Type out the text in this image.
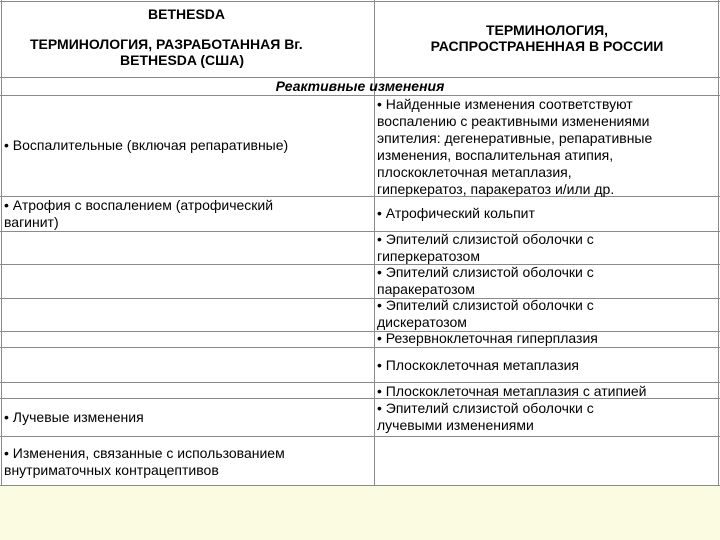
BETHESDA
ТЕРМИНОЛОГИЯ, РАЗРАБОТАННАЯ Вг.
BETHESDA (США)
ТЕРМИНОЛОГИЯ,
РАСПРОСТРАНЕННАЯ В РОССИИ
Реактивные изменения
• Воспалительные (включая репаративные)
• Найденные изменения соответствуют
воспалению с реактивными изменениями
эпителия: дегенеративные, репаративные
изменения, воспалительная атипия,
плоскоклеточная метаплазия,
гиперкератоз, паракератоз и/или др.
• Атрофия с воспалением (атрофический
вагинит)
• Атрофический кольпит
• Эпителий слизистой оболочки с
гиперкератозом
• Эпителий слизистой оболочки с
паракератозом
• Эпителий слизистой оболочки с
дискератозом
• Резервноклеточная гиперплазия
• Плоскоклеточная метаплазия
• Плоскоклеточная метаплазия с атипией
• Лучевые изменения
• Эпителий слизистой оболочки с
лучевыми изменениями
• Изменения, связанные с использованием
внутриматочных контрацептивов
